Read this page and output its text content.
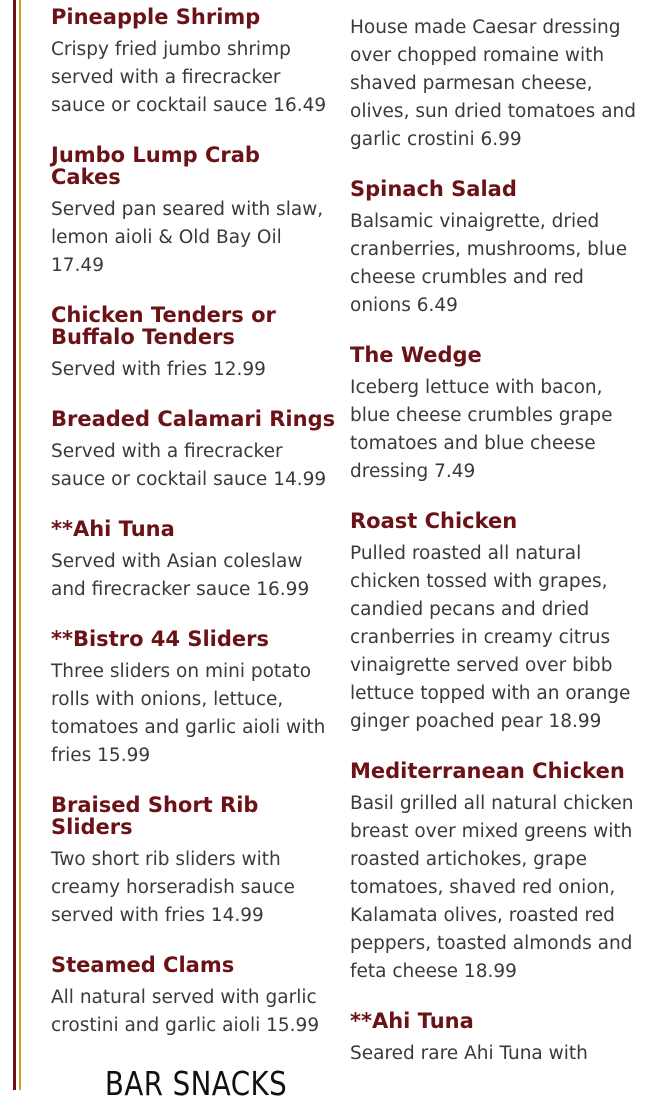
Pineapple Shrimp

Crispy fried jumbo shrimp served with a firecracker sauce or cocktail sauce 16.49

Jumbo Lump Crab Cakes

Served pan seared with slaw, lemon aioli & Old Bay Oil 17.49

Chicken Tenders or Buffalo Tenders

Served with fries 12.99

Breaded Calamari Rings

Served with a firecracker sauce or cocktail sauce 14.99

**Ahi Tuna

Served with Asian coleslaw and firecracker sauce 16.99

**Bistro 44 Sliders

Three sliders on mini potato rolls with onions, lettuce, tomatoes and garlic aioli with fries 15.99

Braised Short Rib Sliders

Two short rib sliders with creamy horseradish sauce served with fries 14.99

Steamed Clams

All natural served with garlic crostini and garlic aioli 15.99

BAR SNACKS

House made Caesar dressing over chopped romaine with shaved parmesan cheese, olives, sun dried tomatoes and garlic crostini 6.99

Spinach Salad

Balsamic vinaigrette, dried cranberries, mushrooms, blue cheese crumbles and red onions 6.49

The Wedge

Iceberg lettuce with bacon, blue cheese crumbles grape tomatoes and blue cheese dressing 7.49

Roast Chicken

Pulled roasted all natural chicken tossed with grapes, candied pecans and dried cranberries in creamy citrus vinaigrette served over bibb lettuce topped with an orange ginger poached pear 18.99

Mediterranean Chicken

Basil grilled all natural chicken breast over mixed greens with roasted artichokes, grape tomatoes, shaved red onion, Kalamata olives, roasted red peppers, toasted almonds and feta cheese 18.99

**Ahi Tuna

Seared rare Ahi Tuna with
